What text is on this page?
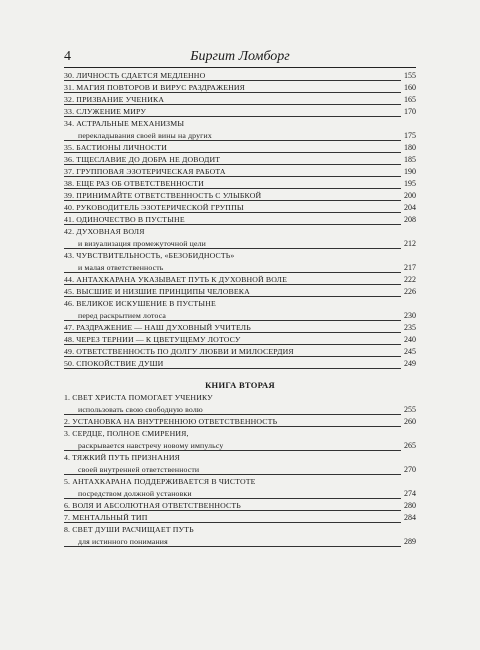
4	Биргит Ломборг
30. ЛИЧНОСТЬ СДАЕТСЯ МЕДЛЕННО	155
31. МАГИЯ ПОВТОРОВ И ВИРУС РАЗДРАЖЕНИЯ	160
32. ПРИЗВАНИЕ УЧЕНИКА	165
33. СЛУЖЕНИЕ МИРУ	170
34. АСТРАЛЬНЫЕ МЕХАНИЗМЫ
перекладывания своей вины на других	175
35. БАСТИОНЫ ЛИЧНОСТИ	180
36. ТЩЕСЛАВИЕ ДО ДОБРА НЕ ДОВОДИТ	185
37. ГРУППОВАЯ ЭЗОТЕРИЧЕСКАЯ РАБОТА	190
38. ЕЩЕ РАЗ ОБ ОТВЕТСТВЕННОСТИ	195
39. ПРИНИМАЙТЕ ОТВЕТСТВЕННОСТЬ С УЛЫБКОЙ	200
40. РУКОВОДИТЕЛЬ ЭЗОТЕРИЧЕСКОЙ ГРУППЫ	204
41. ОДИНОЧЕСТВО В ПУСТЫНЕ	208
42. ДУХОВНАЯ ВОЛЯ
и визуализация промежуточной цели	212
43. ЧУВСТВИТЕЛЬНОСТЬ, «БЕЗОБИДНОСТЬ»
и малая ответственность	217
44. АНТАХКАРАНА УКАЗЫВАЕТ ПУТЬ К ДУХОВНОЙ ВОЛЕ	222
45. ВЫСШИЕ И НИЗШИЕ ПРИНЦИПЫ ЧЕЛОВЕКА	226
46. ВЕЛИКОЕ ИСКУШЕНИЕ В ПУСТЫНЕ
перед раскрытием лотоса	230
47. РАЗДРАЖЕНИЕ — НАШ ДУХОВНЫЙ УЧИТЕЛЬ	235
48. ЧЕРЕЗ ТЕРНИИ — К ЦВЕТУЩЕМУ ЛОТОСУ	240
49. ОТВЕТСТВЕННОСТЬ ПО ДОЛГУ ЛЮБВИ И МИЛОСЕРДИЯ	245
50. СПОКОЙСТВИЕ ДУШИ	249
КНИГА ВТОРАЯ
1. СВЕТ ХРИСТА ПОМОГАЕТ УЧЕНИКУ
использовать свою свободную волю	255
2. УСТАНОВКА НА ВНУТРЕННЮЮ ОТВЕТСТВЕННОСТЬ	260
3. СЕРДЦЕ, ПОЛНОЕ СМИРЕНИЯ,
раскрывается навстречу новому импульсу	265
4. ТЯЖКИЙ ПУТЬ ПРИЗНАНИЯ
своей внутренней ответственности	270
5. АНТАХКАРАНА ПОДДЕРЖИВАЕТСЯ В ЧИСТОТЕ
посредством должной установки	274
6. ВОЛЯ И АБСОЛЮТНАЯ ОТВЕТСТВЕННОСТЬ	280
7. МЕНТАЛЬНЫЙ ТИП	284
8. СВЕТ ДУШИ РАСЧИЩАЕТ ПУТЬ
для истинного понимания	289
